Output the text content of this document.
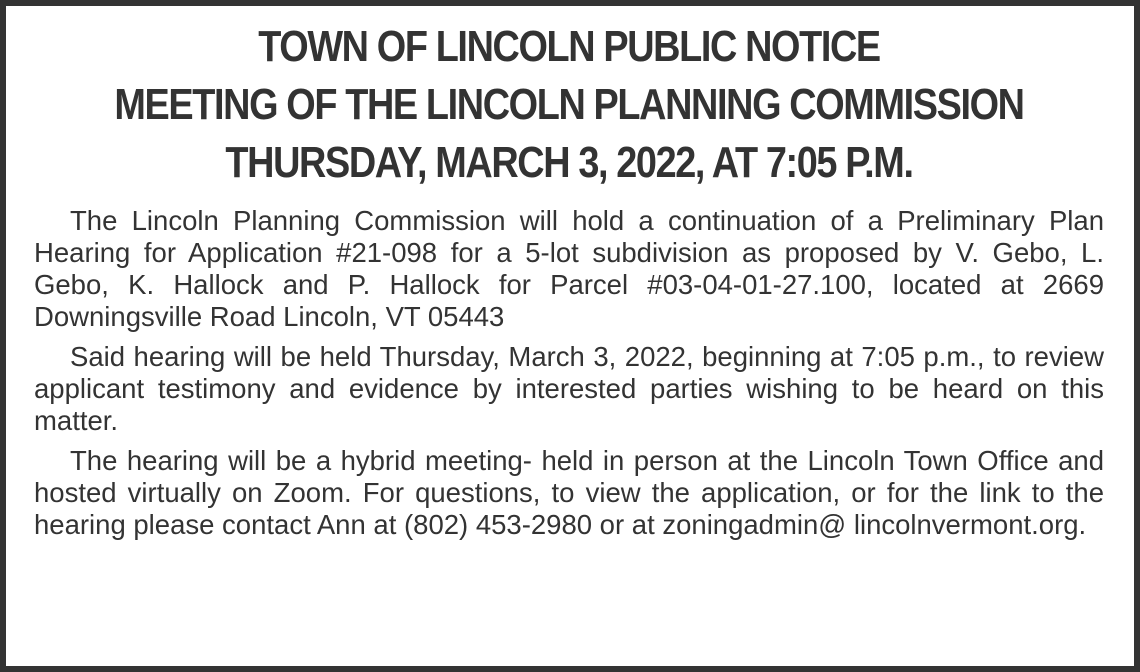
TOWN OF LINCOLN PUBLIC NOTICE
MEETING OF THE LINCOLN PLANNING COMMISSION
THURSDAY, MARCH 3, 2022, AT 7:05 P.M.

The Lincoln Planning Commission will hold a continuation of a Preliminary Plan Hearing for Application #21-098 for a 5-lot subdivision as proposed by V. Gebo, L. Gebo, K. Hallock and P. Hallock for Parcel #03-04-01-27.100, located at 2669 Downingsville Road Lincoln, VT 05443

Said hearing will be held Thursday, March 3, 2022, beginning at 7:05 p.m., to review applicant testimony and evidence by interested parties wishing to be heard on this matter.

The hearing will be a hybrid meeting- held in person at the Lincoln Town Office and hosted virtually on Zoom. For questions, to view the application, or for the link to the hearing please contact Ann at (802) 453-2980 or at zoningadmin@ lincolnvermont.org.
